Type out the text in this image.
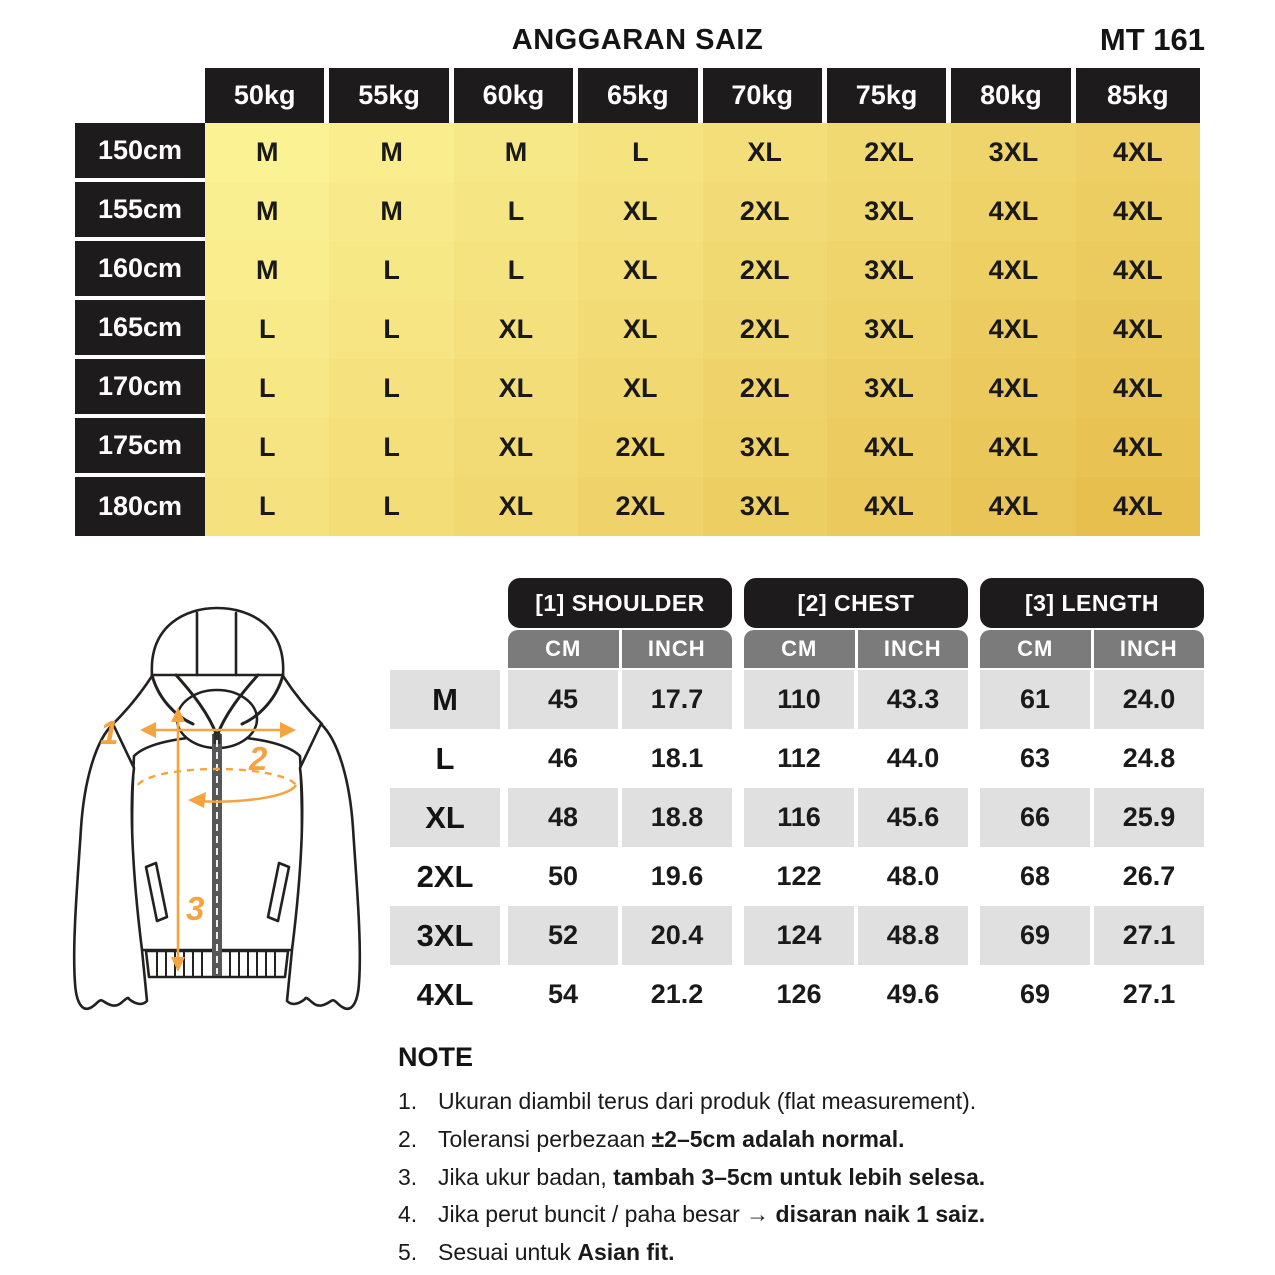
ANGGARAN SAIZ	MT 161
50kg	55kg	60kg	65kg	70kg	75kg	80kg	85kg
150cm	M	M	M	L	XL	2XL	3XL	4XL
155cm	M	M	L	XL	2XL	3XL	4XL	4XL
160cm	M	L	L	XL	2XL	3XL	4XL	4XL
165cm	L	L	XL	XL	2XL	3XL	4XL	4XL
170cm	L	L	XL	XL	2XL	3XL	4XL	4XL
175cm	L	L	XL	2XL	3XL	4XL	4XL	4XL
180cm	L	L	XL	2XL	3XL	4XL	4XL	4XL
1
2
3
[1] SHOULDER	[2] CHEST	[3] LENGTH
CM	INCH	CM	INCH	CM	INCH
M	45	17.7	110	43.3	61	24.0
L	46	18.1	112	44.0	63	24.8
XL	48	18.8	116	45.6	66	25.9
2XL	50	19.6	122	48.0	68	26.7
3XL	52	20.4	124	48.8	69	27.1
4XL	54	21.2	126	49.6	69	27.1
NOTE
1. Ukuran diambil terus dari produk (flat measurement).
2. Toleransi perbezaan ±2–5cm adalah normal.
3. Jika ukur badan, tambah 3–5cm untuk lebih selesa.
4. Jika perut buncit / paha besar → disaran naik 1 saiz.
5. Sesuai untuk Asian fit.
